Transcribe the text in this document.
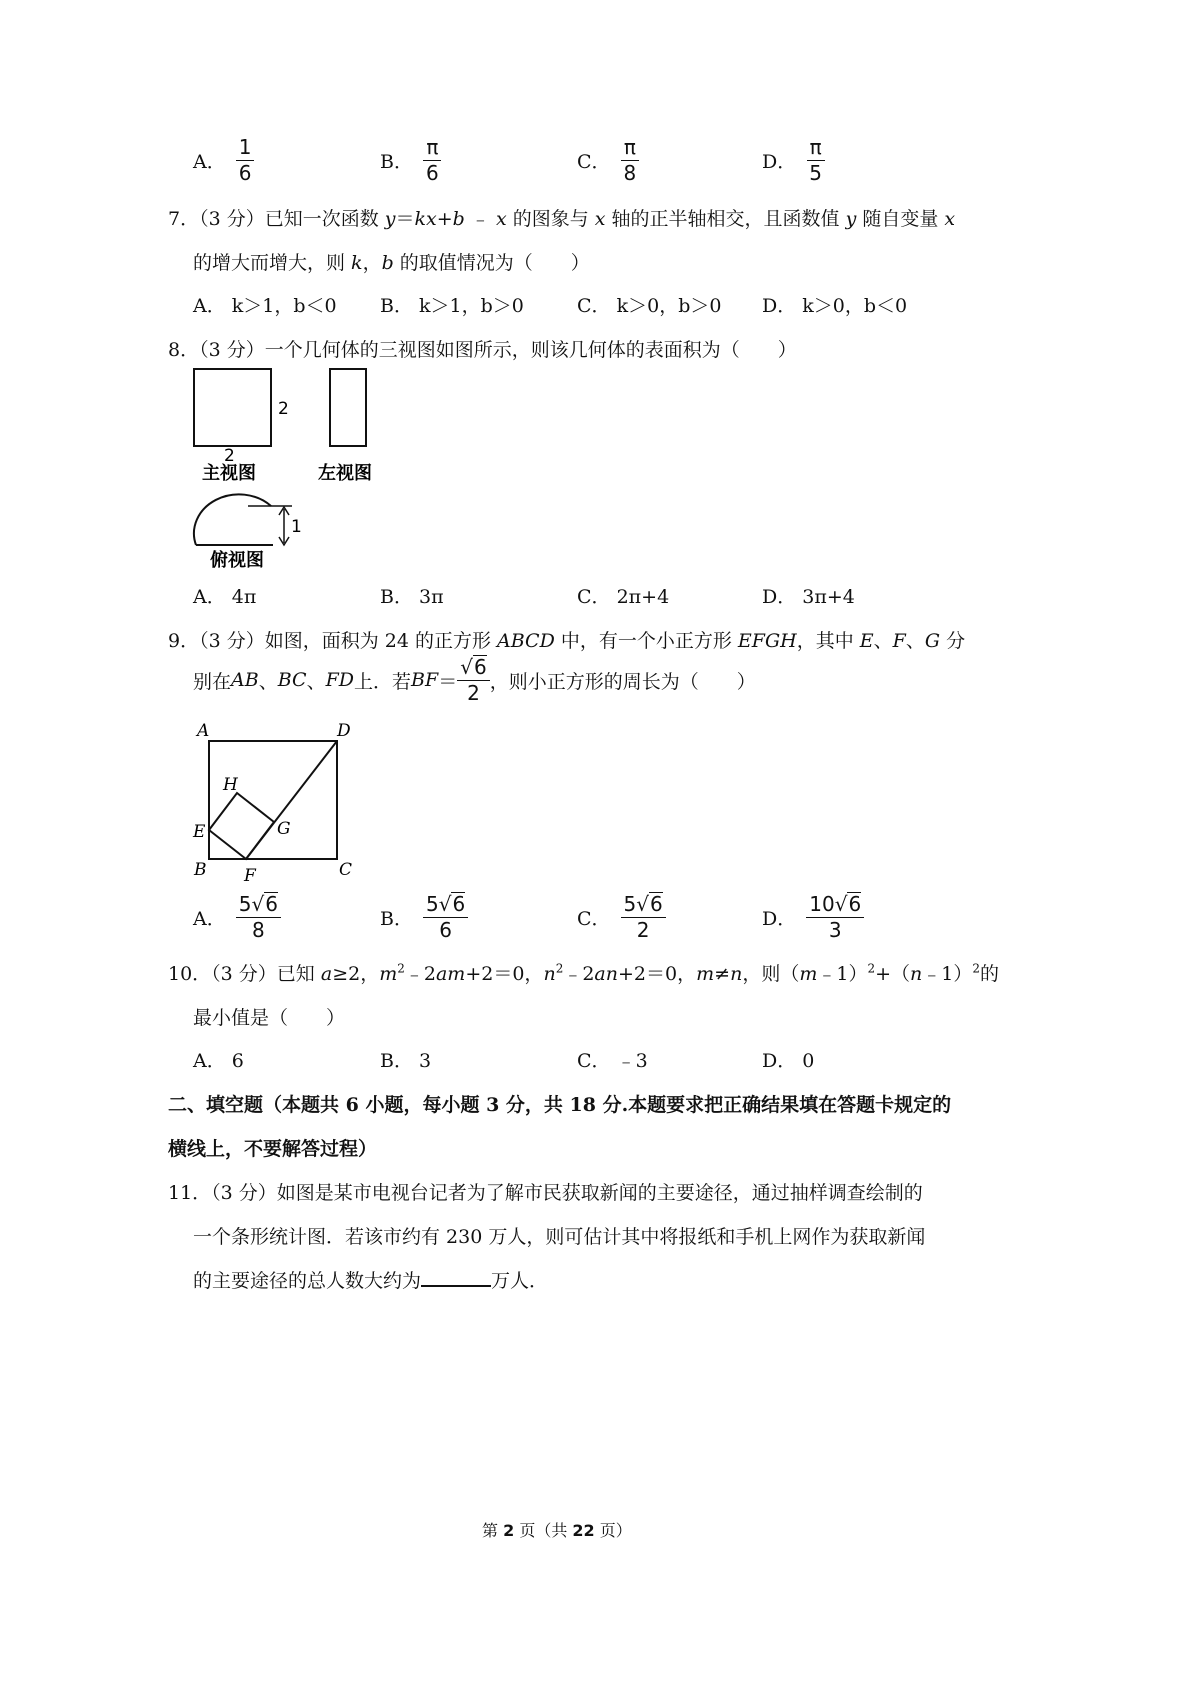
A． $\frac{1}{6}$	B． $\frac{\pi}{6}$	C． $\frac{\pi}{8}$	D． $\frac{\pi}{5}$
7．（3 分）已知一次函数 y＝kx+b ﹣ x 的图象与 x 轴的正半轴相交，且函数值 y 随自变量 x
的增大而增大，则 k，b 的取值情况为（　　）
A． k＞1，b＜0 B． k＞1，b＞0	C． k＞0，b＞0 D． k＞0，b＜0
8．（3 分）一个几何体的三视图如图所示，则该几何体的表面积为（　　）
2
2
主视图	左视图
1
俯视图
A． 4π	B． 3π	C． 2π+4	D． 3π+4
9．（3 分）如图，面积为 24 的正方形 ABCD 中，有一个小正方形 EFGH，其中 E、F、G 分
别在 AB 、 BC 、 FD 上．若 BF ＝ $\frac{√6}{2}$ ，则小正方形的周长为（　　）
A	D
B	C
E
F
G
H
A． $\frac{5√6}{8}$	B． $\frac{5√6}{6}$	C． $\frac{5√6}{2}$	D． $\frac{10√6}{3}$
10．（3 分）已知 a≥2，$m^2﹣2am+2=0$，$n^2﹣2an+2=0$，m≠n，则（m﹣1）$^2$+（n﹣1）$^2$的
最小值是（　　）
A． 6	B． 3	C． ﹣3	D． 0
二、填空题（本题共 6 小题，每小题 3 分，共 18 分.本题要求把正确结果填在答题卡规定的
横线上，不要解答过程）
11．（3 分）如图是某市电视台记者为了解市民获取新闻的主要途径，通过抽样调查绘制的
一个条形统计图．若该市约有 230 万人，则可估计其中将报纸和手机上网作为获取新闻
的主要途径的总人数大约为	万人．
第 2 页（共 22 页）
